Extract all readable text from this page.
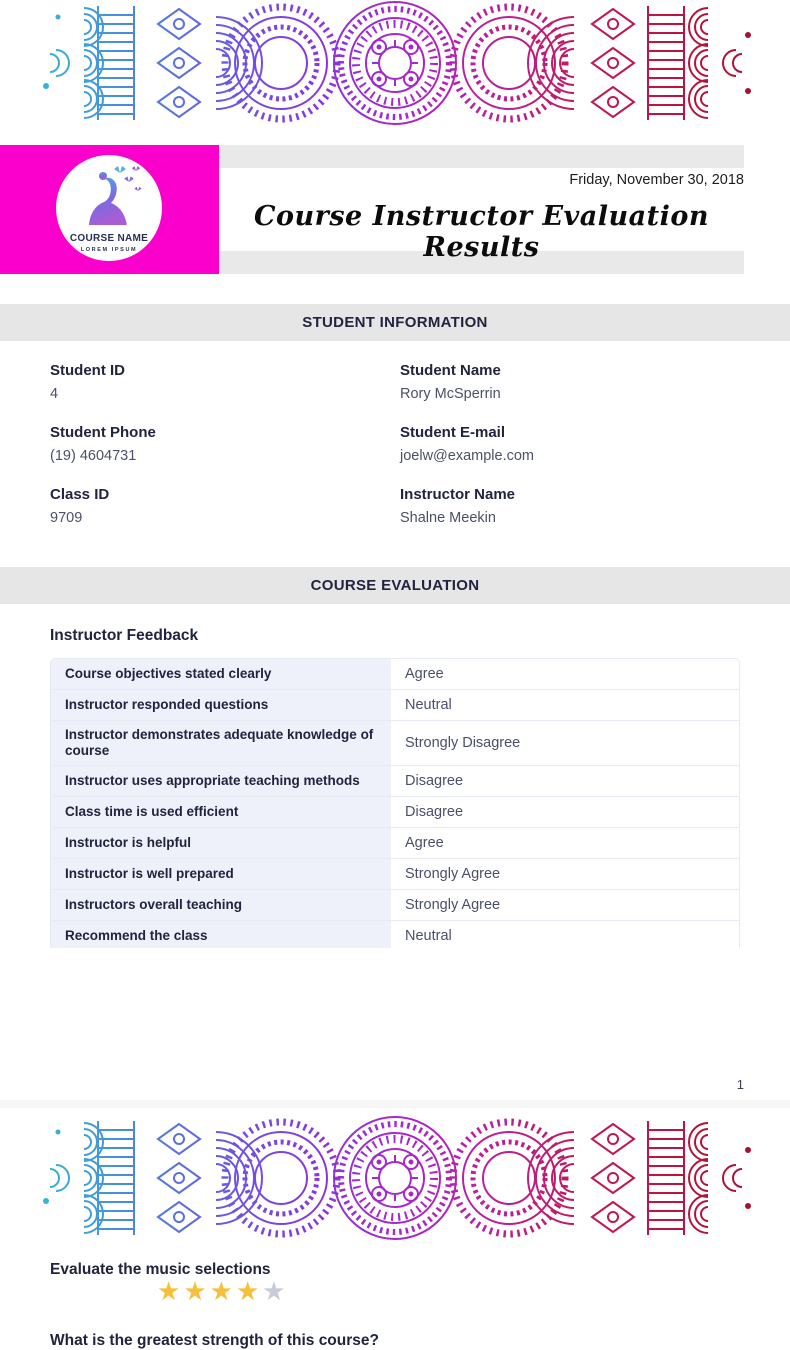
COURSE NAME
LOREM IPSUM
Friday, November 30, 2018
Course Instructor Evaluation Results
STUDENT INFORMATION
Student ID
4
Student Name
Rory McSperrin
Student Phone
(19) 4604731
Student E-mail
joelw@example.com
Class ID
9709
Instructor Name
Shalne Meekin
COURSE EVALUATION
Instructor Feedback
Course objectives stated clearly	Agree
Instructor responded questions	Neutral
Instructor demonstrates adequate knowledge of course	Strongly Disagree
Instructor uses appropriate teaching methods	Disagree
Class time is used efficient	Disagree
Instructor is helpful	Agree
Instructor is well prepared	Strongly Agree
Instructors overall teaching	Strongly Agree
Recommend the class	Neutral
1
Evaluate the music selections
★★★★★
What is the greatest strength of this course?
